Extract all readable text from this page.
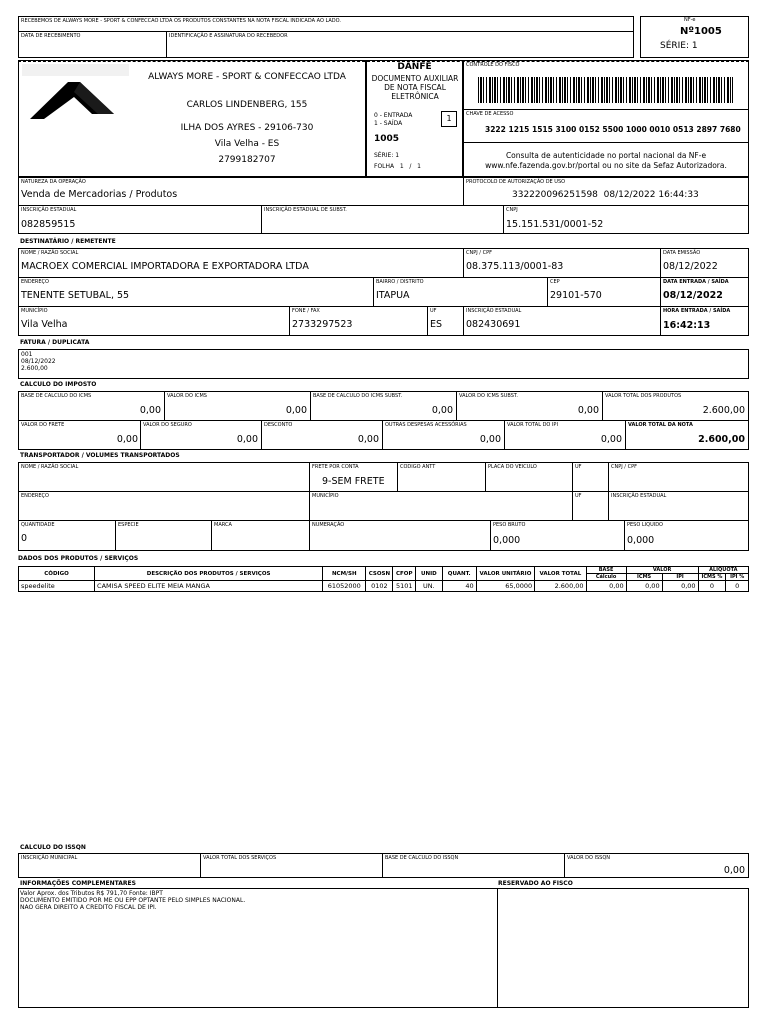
RECEBEMOS DE ALWAYS MORE - SPORT & CONFECCAO LTDA OS PRODUTOS CONSTANTES NA NOTA FISCAL INDICADA AO LADO.
DATA DE RECEBIMENTO	IDENTIFICAÇÃO E ASSINATURA DO RECEBEDOR
NF-e
Nº1005
SÉRIE: 1
ALWAYS MORE - SPORT & CONFECCAO LTDA
CARLOS LINDENBERG, 155
ILHA DOS AYRES - 29106-730
Vila Velha - ES
2799182707
DANFE
DOCUMENTO AUXILIAR DE NOTA FISCAL ELETRÔNICA
0 - ENTRADA
1 - SAÍDA
1
1005
SÉRIE: 1
FOLHA   1   /   1
CONTROLE DO FISCO
CHAVE DE ACESSO
3222 1215 1515 3100 0152 5500 1000 0010 0513 2897 7680
Consulta de autenticidade no portal nacional da NF-e www.nfe.fazenda.gov.br/portal ou no site da Sefaz Autorizadora.
NATUREZA DA OPERAÇÃO
Venda de Mercadorias / Produtos
PROTOCOLO DE AUTORIZAÇÃO DE USO
332220096251598  08/12/2022 16:44:33
INSCRIÇÃO ESTADUAL
082859515
INSCRIÇÃO ESTADUAL DE SUBST.	CNPJ
15.151.531/0001-52
DESTINATÁRIO / REMETENTE
NOME / RAZÃO SOCIAL
MACROEX COMERCIAL IMPORTADORA E EXPORTADORA LTDA
CNPJ / CPF
08.375.113/0001-83
DATA EMISSÃO
08/12/2022
ENDEREÇO
TENENTE SETUBAL, 55
BAIRRO / DISTRITO
ITAPUA
CEP
29101-570
DATA ENTRADA / SAÍDA
08/12/2022
MUNICÍPIO
Vila Velha
FONE / FAX
2733297523
UF
ES
INSCRIÇÃO ESTADUAL
082430691
HORA ENTRADA / SAÍDA
16:42:13
FATURA / DUPLICATA
001
08/12/2022
2.600,00
CALCULO DO IMPOSTO
BASE DE CALCULO DO ICMS
0,00
VALOR DO ICMS
0,00
BASE DE CALCULO DO ICMS SUBST.
0,00
VALOR DO ICMS SUBST.
0,00
VALOR TOTAL DOS PRODUTOS
2.600,00
VALOR DO FRETE
0,00
VALOR DO SEGURO
0,00
DESCONTO
0,00
OUTRAS DESPESAS ACESSÓRIAS
0,00
VALOR TOTAL DO IPI
0,00
VALOR TOTAL DA NOTA
2.600,00
TRANSPORTADOR / VOLUMES TRANSPORTADOS
NOME / RAZÃO SOCIAL	FRETE POR CONTA
9-SEM FRETE
CODIGO ANTT	PLACA DO VEICULO	UF	CNPJ / CPF
ENDEREÇO	MUNICÍPIO	UF	INSCRIÇÃO ESTADUAL
QUANTIDADE
0
ESPECIE	MARCA	NUMERAÇÃO	PESO BRUTO
0,000
PESO LIQUIDO
0,000
DADOS DOS PRODUTOS / SERVIÇOS
CÓDIGO	DESCRIÇÃO DOS PRODUTOS / SERVIÇOS	NCM/SH	CSOSN	CFOP	UNID	QUANT.	VALOR UNITÁRIO	VALOR TOTAL	BASE	VALOR		ALIQUOTA	
									Cálculo	ICMS	IPI	ICMS %	IPI %
speedelite	CAMISA SPEED ELITE MEIA MANGA	61052000	0102	5101	UN.	40	65,0000	2.600,00	0,00	0,00	0,00	0	0
CALCULO DO ISSQN
INSCRIÇÃO MUNICIPAL	VALOR TOTAL DOS SERVIÇOS	BASE DE CALCULO DO ISSQN	VALOR DO ISSQN
0,00
INFORMAÇÕES COMPLEMENTARES	RESERVADO AO FISCO
Valor Aprox. dos Tributos R$ 791,70 Fonte: IBPT
DOCUMENTO EMITIDO POR ME OU EPP OPTANTE PELO SIMPLES NACIONAL.
NAO GERA DIREITO A CREDITO FISCAL DE IPI.
